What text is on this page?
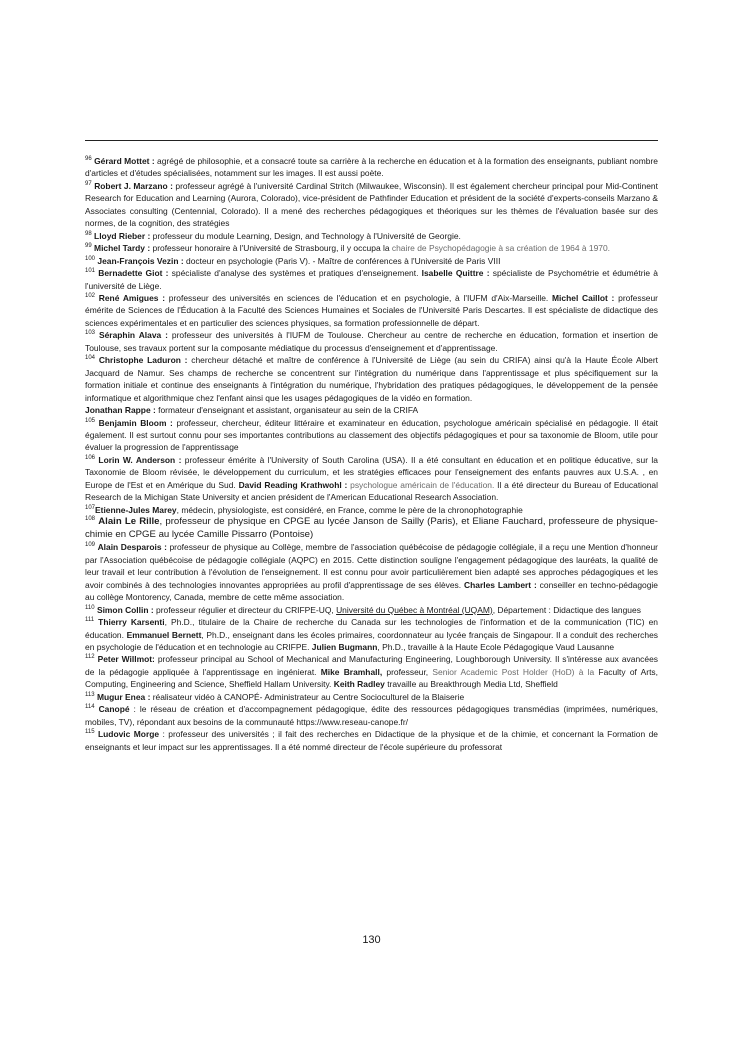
$^{96}$ Gérard Mottet : agrégé de philosophie, et a consacré toute sa carrière à la recherche en éducation et à la formation des enseignants, publiant nombre d'articles et d'études spécialisées, notamment sur les images. Il est aussi poète.

$^{97}$ Robert J. Marzano : professeur agrégé à l'université Cardinal Stritch (Milwaukee, Wisconsin). Il est également chercheur principal pour Mid-Continent Research for Education and Learning (Aurora, Colorado), vice-président de Pathfinder Education et président de la société d'experts-conseils Marzano & Associates consulting (Centennial, Colorado). Il a mené des recherches pédagogiques et théoriques sur les thèmes de l'évaluation basée sur des normes, de la cognition, des stratégies

$^{98}$ Lloyd Rieber : professeur du module Learning, Design, and Technology à l'Université de Georgie.

$^{99}$ Michel Tardy : professeur honoraire à l'Université de Strasbourg, il y occupa la chaire de Psychopédagogie à sa création de 1964 à 1970.

$^{100}$ Jean-François Vezin : docteur en psychologie (Paris V). - Maître de conférences à l'Université de Paris VIII

$^{101}$ Bernadette Giot : spécialiste d'analyse des systèmes et pratiques d'enseignement. Isabelle Quittre : spécialiste de Psychométrie et édumétrie à l'université de Liège.

$^{102}$ René Amigues : professeur des universités en sciences de l'éducation et en psychologie, à l'IUFM d'Aix-Marseille. Michel Caillot : professeur émérite de Sciences de l'Éducation à la Faculté des Sciences Humaines et Sociales de l'Université Paris Descartes. Il est spécialiste de didactique des sciences expérimentales et en particulier des sciences physiques, sa formation professionnelle de départ.

$^{103}$ Séraphin Alava : professeur des universités à l'IUFM de Toulouse. Chercheur au centre de recherche en éducation, formation et insertion de Toulouse, ses travaux portent sur la composante médiatique du processus d'enseignement et d'apprentissage.

$^{104}$ Christophe Laduron : chercheur détaché et maître de conférence à l'Université de Liège (au sein du CRIFA) ainsi qu'à la Haute École Albert Jacquard de Namur. Ses champs de recherche se concentrent sur l'intégration du numérique dans l'apprentissage et plus spécifiquement sur la formation initiale et continue des enseignants à l'intégration du numérique, l'hybridation des pratiques pédagogiques, le développement de la pensée informatique et algorithmique chez l'enfant ainsi que les usages pédagogiques de la vidéo en formation.

Jonathan Rappe : formateur d'enseignant et assistant, organisateur au sein de la CRIFA

$^{105}$ Benjamin Bloom : professeur, chercheur, éditeur littéraire et examinateur en éducation, psychologue américain spécialisé en pédagogie. Il était également. Il est surtout connu pour ses importantes contributions au classement des objectifs pédagogiques et pour sa taxonomie de Bloom, utile pour évaluer la progression de l'apprentissage

$^{106}$ Lorin W. Anderson : professeur émérite à l'University of South Carolina (USA). Il a été consultant en éducation et en politique éducative, sur la Taxonomie de Bloom révisée, le développement du curriculum, et les stratégies efficaces pour l'enseignement des enfants pauvres aux U.S.A. , en Europe de l'Est et en Amérique du Sud. David Reading Krathwohl : psychologue américain de l'éducation. Il a été directeur du Bureau of Educational Research de la Michigan State University et ancien président de l'American Educational Research Association.

$^{107}$Etienne-Jules Marey, médecin, physiologiste, est considéré, en France, comme le père de la chronophotographie

$^{108}$ Alain Le Rille, professeur de physique en CPGE au lycée Janson de Sailly (Paris), et Eliane Fauchard, professeure de physique-chimie en CPGE au lycée Camille Pissarro (Pontoise)

$^{109}$ Alain Desparois : professeur de physique au Collège, membre de l'association québécoise de pédagogie collégiale, il a reçu une Mention d'honneur par l'Association québécoise de pédagogie collégiale (AQPC) en 2015. Cette distinction souligne l'engagement pédagogique des lauréats, la qualité de leur travail et leur contribution à l'évolution de l'enseignement. Il est connu pour avoir particulièrement bien adapté ses approches pédagogiques et les avoir combinés à des technologies innovantes appropriées au profil d'apprentissage de ses élèves. Charles Lambert : conseiller en techno-pédagogie au collège Montorency, Canada, membre de cette même association.

$^{110}$ Simon Collin : professeur régulier et directeur du CRIFPE-UQ, Université du Québec à Montréal (UQAM), Département : Didactique des langues

$^{111}$ Thierry Karsenti, Ph.D., titulaire de la Chaire de recherche du Canada sur les technologies de l'information et de la communication (TIC) en éducation. Emmanuel Bernett, Ph.D., enseignant dans les écoles primaires, coordonnateur au lycée français de Singapour. Il a conduit des recherches en psychologie de l'éducation et en technologie au CRIFPE. Julien Bugmann, Ph.D., travaille à la Haute Ecole Pédagogique Vaud Lausanne

$^{112}$ Peter Willmot: professeur principal au School of Mechanical and Manufacturing Engineering, Loughborough University. Il s'intéresse aux avancées de la pédagogie appliquée à l'apprentissage en ingénierat. Mike Bramhall, professeur, Senior Academic Post Holder (HoD) à la Faculty of Arts, Computing, Engineering and Science, Sheffield Hallam University. Keith Radley travaille au Breakthrough Media Ltd, Sheffield

$^{113}$ Mugur Enea : réalisateur vidéo à CANOPÉ- Administrateur au Centre Socioculturel de la Blaiserie

$^{114}$ Canopé : le réseau de création et d'accompagnement pédagogique, édite des ressources pédagogiques transmédias (imprimées, numériques, mobiles, TV), répondant aux besoins de la communauté https://www.reseau-canope.fr/

$^{115}$ Ludovic Morge : professeur des universités ; il fait des recherches en Didactique de la physique et de la chimie, et concernant la Formation de enseignants et leur impact sur les apprentissages. Il a été nommé directeur de l'école supérieure du professorat

130
